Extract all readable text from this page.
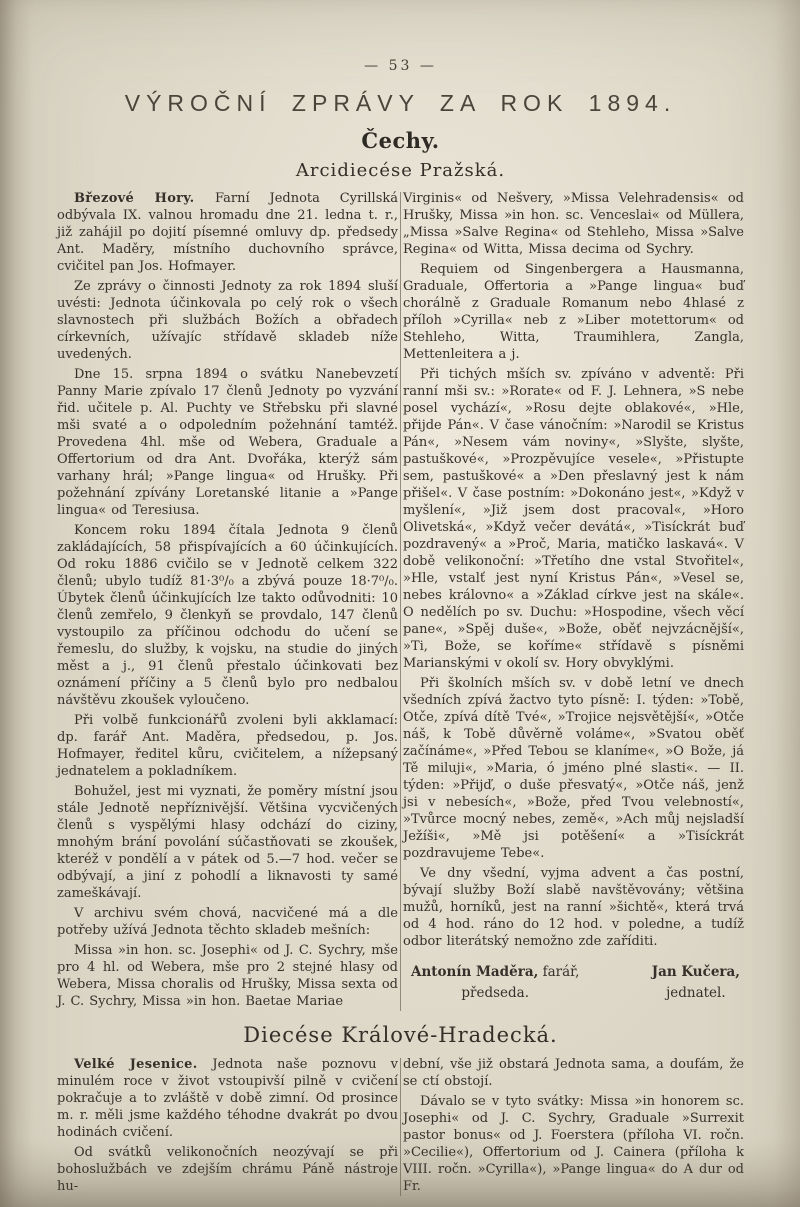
— 53 —
VÝROČNÍ ZPRÁVY ZA ROK 1894.
Čechy.
Arcidiecése Pražská.

Březové Hory. Farní Jednota Cyrillská odbývala IX. valnou hromadu dne 21. ledna t. r., již zahájil po dojití písemné omluvy dp. předsedy Ant. Maděry, místního duchovního správce, cvičitel pan Jos. Hofmayer.

Ze zprávy o činnosti Jednoty za rok 1894 sluší uvésti: Jednota účinkovala po celý rok o všech slavnostech při službách Božích a obřadech církevních, užívajíc střídavě skladeb níže uvedených.

Dne 15. srpna 1894 o svátku Nanebevzetí Panny Marie zpívalo 17 členů Jednoty po vyzvání řid. učitele p. Al. Puchty ve Střebsku při slavné mši svaté a o odpoledním požehnání tamtéž. Provedena 4hl. mše od Webera, Graduale a Offertorium od dra Ant. Dvořáka, kterýž sám varhany hrál; »Pange lingua« od Hrušky. Při požehnání zpívány Loretanské litanie a »Pange lingua« od Teresiusa.

Koncem roku 1894 čítala Jednota 9 členů zakládajících, 58 přispívajících a 60 účinkujících. Od roku 1886 cvičilo se v Jednotě celkem 322 členů; ubylo tudíž 81·3⁰/₀ a zbývá pouze 18·7⁰/₀. Úbytek členů účinkujících lze takto odůvodniti: 10 členů zemřelo, 9 členkyň se provdalo, 147 členů vystoupilo za příčinou odchodu do učení se řemeslu, do služby, k vojsku, na studie do jiných měst a j., 91 členů přestalo účinkovati bez oznámení příčiny a 5 členů bylo pro nedbalou návštěvu zkoušek vyloučeno.

Při volbě funkcionářů zvoleni byli akklamací: dp. farář Ant. Maděra, předsedou, p. Jos. Hofmayer, ředitel kůru, cvičitelem, a nížepsaný jednatelem a pokladníkem.

Bohužel, jest mi vyznati, že poměry místní jsou stále Jednotě nepříznivější. Většina vycvičených členů s vyspělými hlasy odchází do ciziny, mnohým brání povolání súčastňovati se zkoušek, kteréž v pondělí a v pátek od 5.—7 hod. večer se odbývají, a jiní z pohodlí a liknavosti ty samé zameškávají.

V archivu svém chová, nacvičené má a dle potřeby užívá Jednota těchto skladeb mešních:

Missa »in hon. sc. Josephi« od J. C. Sychry, mše pro 4 hl. od Webera, mše pro 2 stejné hlasy od Webera, Missa choralis od Hrušky, Missa sexta od J. C. Sychry, Missa »in hon. Baetae Mariae

Virginis« od Nešvery, »Missa Velehradensis« od Hrušky, Missa »in hon. sc. Venceslai« od Müllera, „Missa »Salve Regina« od Stehleho, Missa »Salve Regina« od Witta, Missa decima od Sychry.

Requiem od Singenbergera a Hausmanna, Graduale, Offertoria a »Pange lingua« buď chorálně z Graduale Romanum nebo 4hlasé z příloh »Cyrilla« neb z »Liber motettorum« od Stehleho, Witta, Traumihlera, Zangla, Mettenleitera a j.

Při tichých mších sv. zpíváno v adventě: Při ranní mši sv.: »Rorate« od F. J. Lehnera, »S nebe posel vychází«, »Rosu dejte oblakové«, »Hle, přijde Pán«. V čase vánočním: »Narodil se Kristus Pán«, »Nesem vám noviny«, »Slyšte, slyšte, pastuškové«, »Prozpěvujíce vesele«, »Přistupte sem, pastuškové« a »Den přeslavný jest k nám přišel«. V čase postním: »Dokonáno jest«, »Když v myšlení«, »Již jsem dost pracoval«, »Horo Olivetská«, »Když večer devátá«, »Tisíckrát buď pozdravený« a »Proč, Maria, matičko laskavá«. V době velikonoční: »Třetího dne vstal Stvořitel«, »Hle, vstalť jest nyní Kristus Pán«, »Vesel se, nebes královno« a »Základ církve jest na skále«. O nedělích po sv. Duchu: »Hospodine, všech věcí pane«, »Spěj duše«, »Bože, oběť nejvzácnější«, »Ti, Bože, se koříme« střídavě s písněmi Marianskými v okolí sv. Hory obvyklými.

Při školních mších sv. v době letní ve dnech všedních zpívá žactvo tyto písně: I. týden: »Tobě, Otče, zpívá dítě Tvé«, »Trojice nejsvětější«, »Otče náš, k Tobě důvěrně voláme«, »Svatou oběť začínáme«, »Před Tebou se klaníme«, »O Bože, já Tě miluji«, »Maria, ó jméno plné slasti«. — II. týden: »Přijď, o duše přesvatý«, »Otče náš, jenž jsi v nebesích«, »Bože, před Tvou velebností«, »Tvůrce mocný nebes, země«, »Ach můj nejsladší Ježíši«, »Mě jsi potěšení« a »Tisíckrát pozdravujeme Tebe«.

Ve dny všední, vyjma advent a čas postní, bývají služby Boží slabě navštěvovány; většina mužů, horníků, jest na ranní »šichtě«, která trvá od 4 hod. ráno do 12 hod. v poledne, a tudíž odbor literátský nemožno zde zaříditi.

Antonín Maděra, farář,
předseda.
Jan Kučera,
jednatel.
Diecése Králové-Hradecká.

Velké Jesenice. Jednota naše poznovu v minulém roce v život vstoupivší pilně v cvičení pokračuje a to zvláště v době zimní. Od prosince m. r. měli jsme každého téhodne dvakrát po dvou hodinách cvičení.

Od svátků velikonočních neozývají se při bohoslužbách ve zdejším chrámu Páně nástroje hu-

dební, vše již obstará Jednota sama, a doufám, že se ctí obstojí.

Dávalo se v tyto svátky: Missa »in honorem sc. Josephi« od J. C. Sychry, Graduale »Surrexit pastor bonus« od J. Foerstera (příloha VI. ročn. »Cecilie«), Offertorium od J. Cainera (příloha k VIII. ročn. »Cyrilla«), »Pange lingua« do A dur od Fr.
